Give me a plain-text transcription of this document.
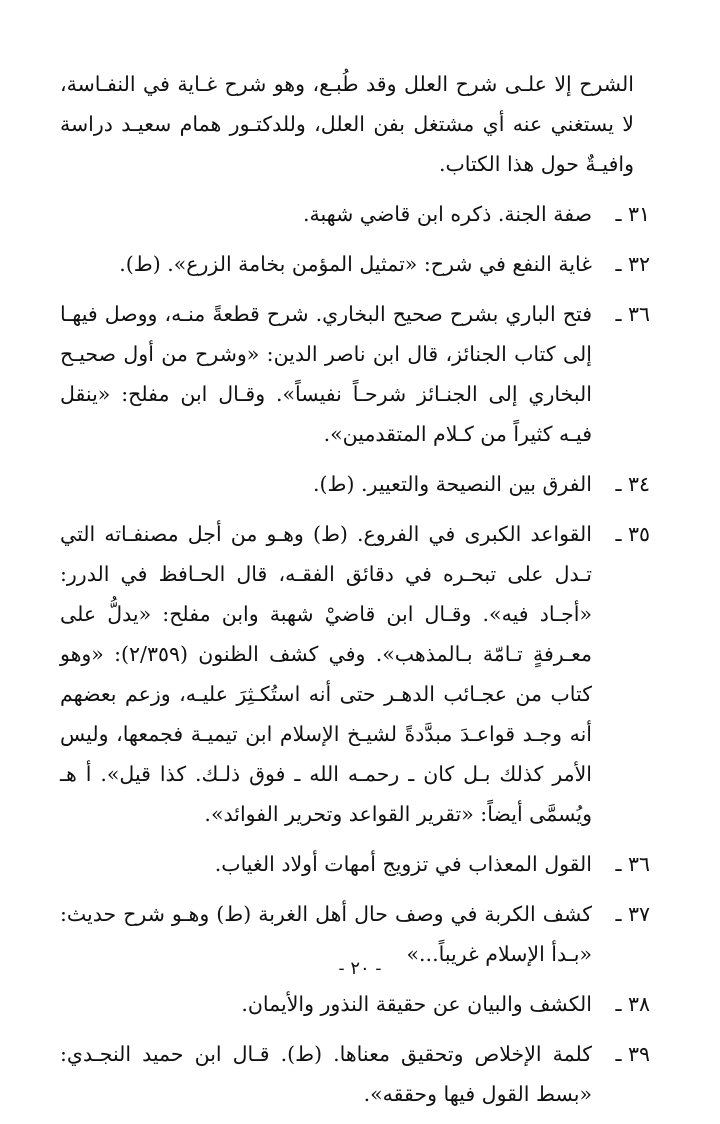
الشرح إلا علـى شرح العلل وقد طُبـع، وهو شرح غـاية في النفـاسة، لا يستغني عنه أي مشتغل بفن العلل، وللدكتـور همام سعيـد دراسة وافيـةٌ حول هذا الكتاب.

٣١ ـ
صفة الجنة. ذكره ابن قاضي شهبة.
٣٢ ـ
غاية النفع في شرح: «تمثيل المؤمن بخامة الزرع». (ط).
٣٦ ـ
فتح الباري بشرح صحيح البخاري. شرح قطعةً منـه، ووصل فيهـا إلى كتاب الجنائز، قال ابن ناصر الدين: «وشرح من أول صحيـح البخاري إلى الجنـائز شرحـاً نفيساً». وقـال ابن مفلح: «ينقل فيـه كثيراً من كـلام المتقدمين».
٣٤ ـ
الفرق بين النصيحة والتعيير. (ط).
٣٥ ـ
القواعد الكبرى في الفروع. (ط) وهـو من أجل مصنفـاته التي تـدل على تبحـره في دقائق الفقـه، قال الحـافظ في الدرر: «أجـاد فيه». وقـال ابن قاضيْ شهبة وابن مفلح: «يدلُّ على معـرفةٍ تـامّة بـالمذهب». وفي كشف الظنون (٢/٣٥٩): «وهو كتاب من عجـائب الدهـر حتى أنه استُكـثِرَ عليـه، وزعم بعضهم أنه وجـد قواعـدَ مبدَّدةً لشيـخ الإسلام ابن تيميـة فجمعها، وليس الأمر كذلك بـل كان ـ رحمـه الله ـ فوق ذلـك. كذا قيل». أ هـ ويُسمَّى أيضاً: «تقرير القواعد وتحرير الفوائد».
٣٦ ـ
القول المعذاب في تزويج أمهات أولاد الغياب.
٣٧ ـ
كشف الكربة في وصف حال أهل الغربة (ط) وهـو شرح حديث: «بـدأ الإسلام غريباً...»
٣٨ ـ
الكشف والبيان عن حقيقة النذور والأيمان.
٣٩ ـ
كلمة الإخلاص وتحقيق معناها. (ط). قـال ابن حميد النجـدي: «بسط القول فيها وحققه».
- ٢٠ -
